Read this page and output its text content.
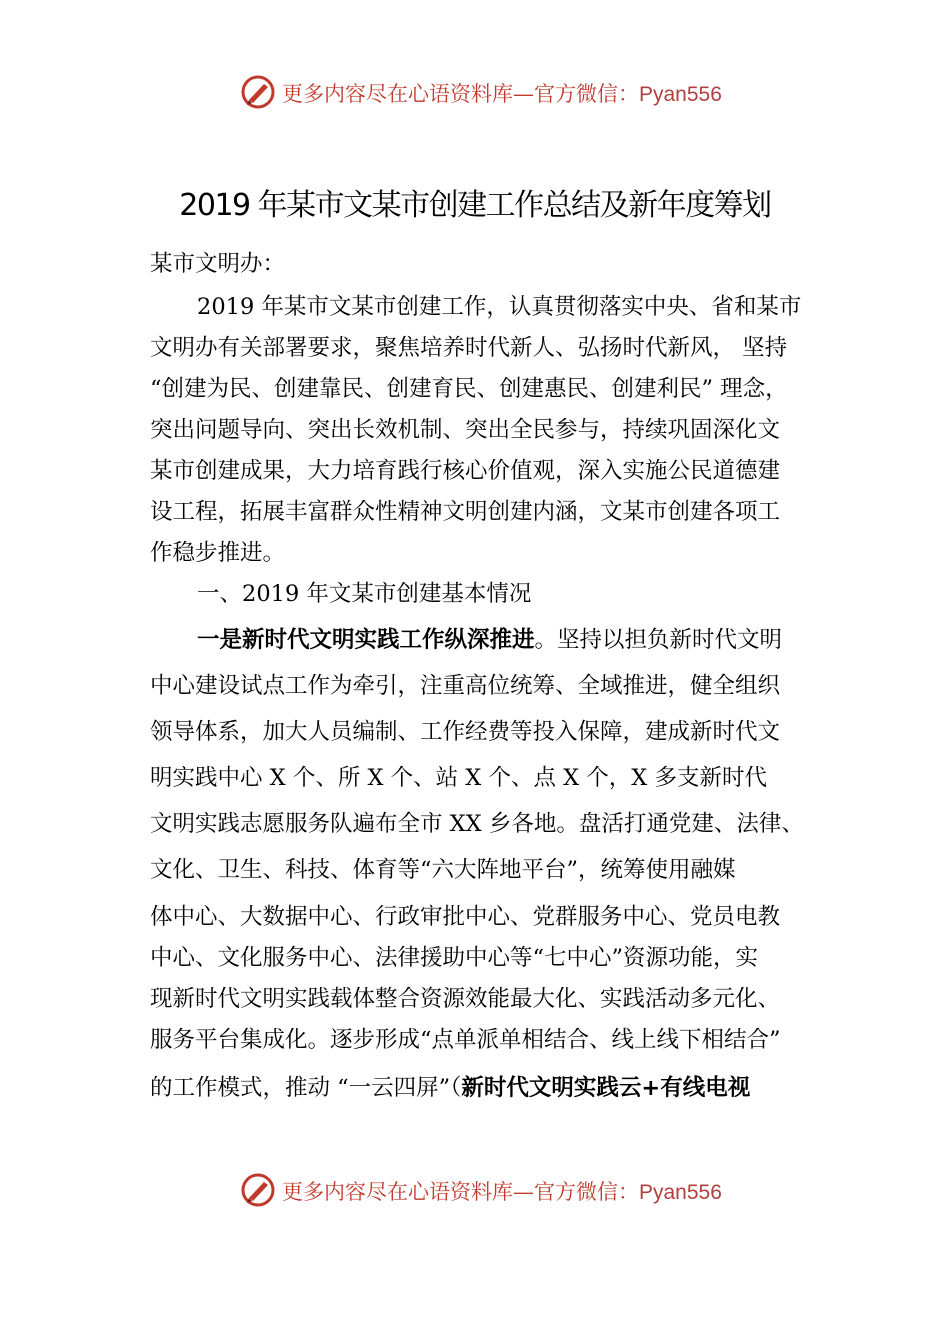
更多内容尽在心语资料库—官方微信：Pyan556
2019 年某市文某市创建工作总结及新年度筹划
某市文明办：
2019 年某市文某市创建工作，认真贯彻落实中央、省和某市
文明办有关部署要求，聚焦培养时代新人、弘扬时代新风， 坚持
“创建为民、创建靠民、创建育民、创建惠民、创建利民” 理念，
突出问题导向、突出长效机制、突出全民参与，持续巩固深化文
某市创建成果，大力培育践行核心价值观，深入实施公民道德建
设工程，拓展丰富群众性精神文明创建内涵，文某市创建各项工
作稳步推进。
一、2019 年文某市创建基本情况
一是新时代文明实践工作纵深推进。坚持以担负新时代文明
中心建设试点工作为牵引，注重高位统筹、全域推进，健全组织
领导体系，加大人员编制、工作经费等投入保障，建成新时代文
明实践中心 X 个、所 X 个、站 X 个、点 X 个，X 多支新时代
文明实践志愿服务队遍布全市 XX 乡各地。盘活打通党建、法律、
文化、卫生、科技、体育等“六大阵地平台”，统筹使用融媒
体中心、大数据中心、行政审批中心、党群服务中心、党员电教
中心、文化服务中心、法律援助中心等“七中心”资源功能，实
现新时代文明实践载体整合资源效能最大化、实践活动多元化、
服务平台集成化。逐步形成“点单派单相结合、线上线下相结合”
的工作模式，推动 “一云四屏”（新时代文明实践云+有线电视
更多内容尽在心语资料库—官方微信：Pyan556
